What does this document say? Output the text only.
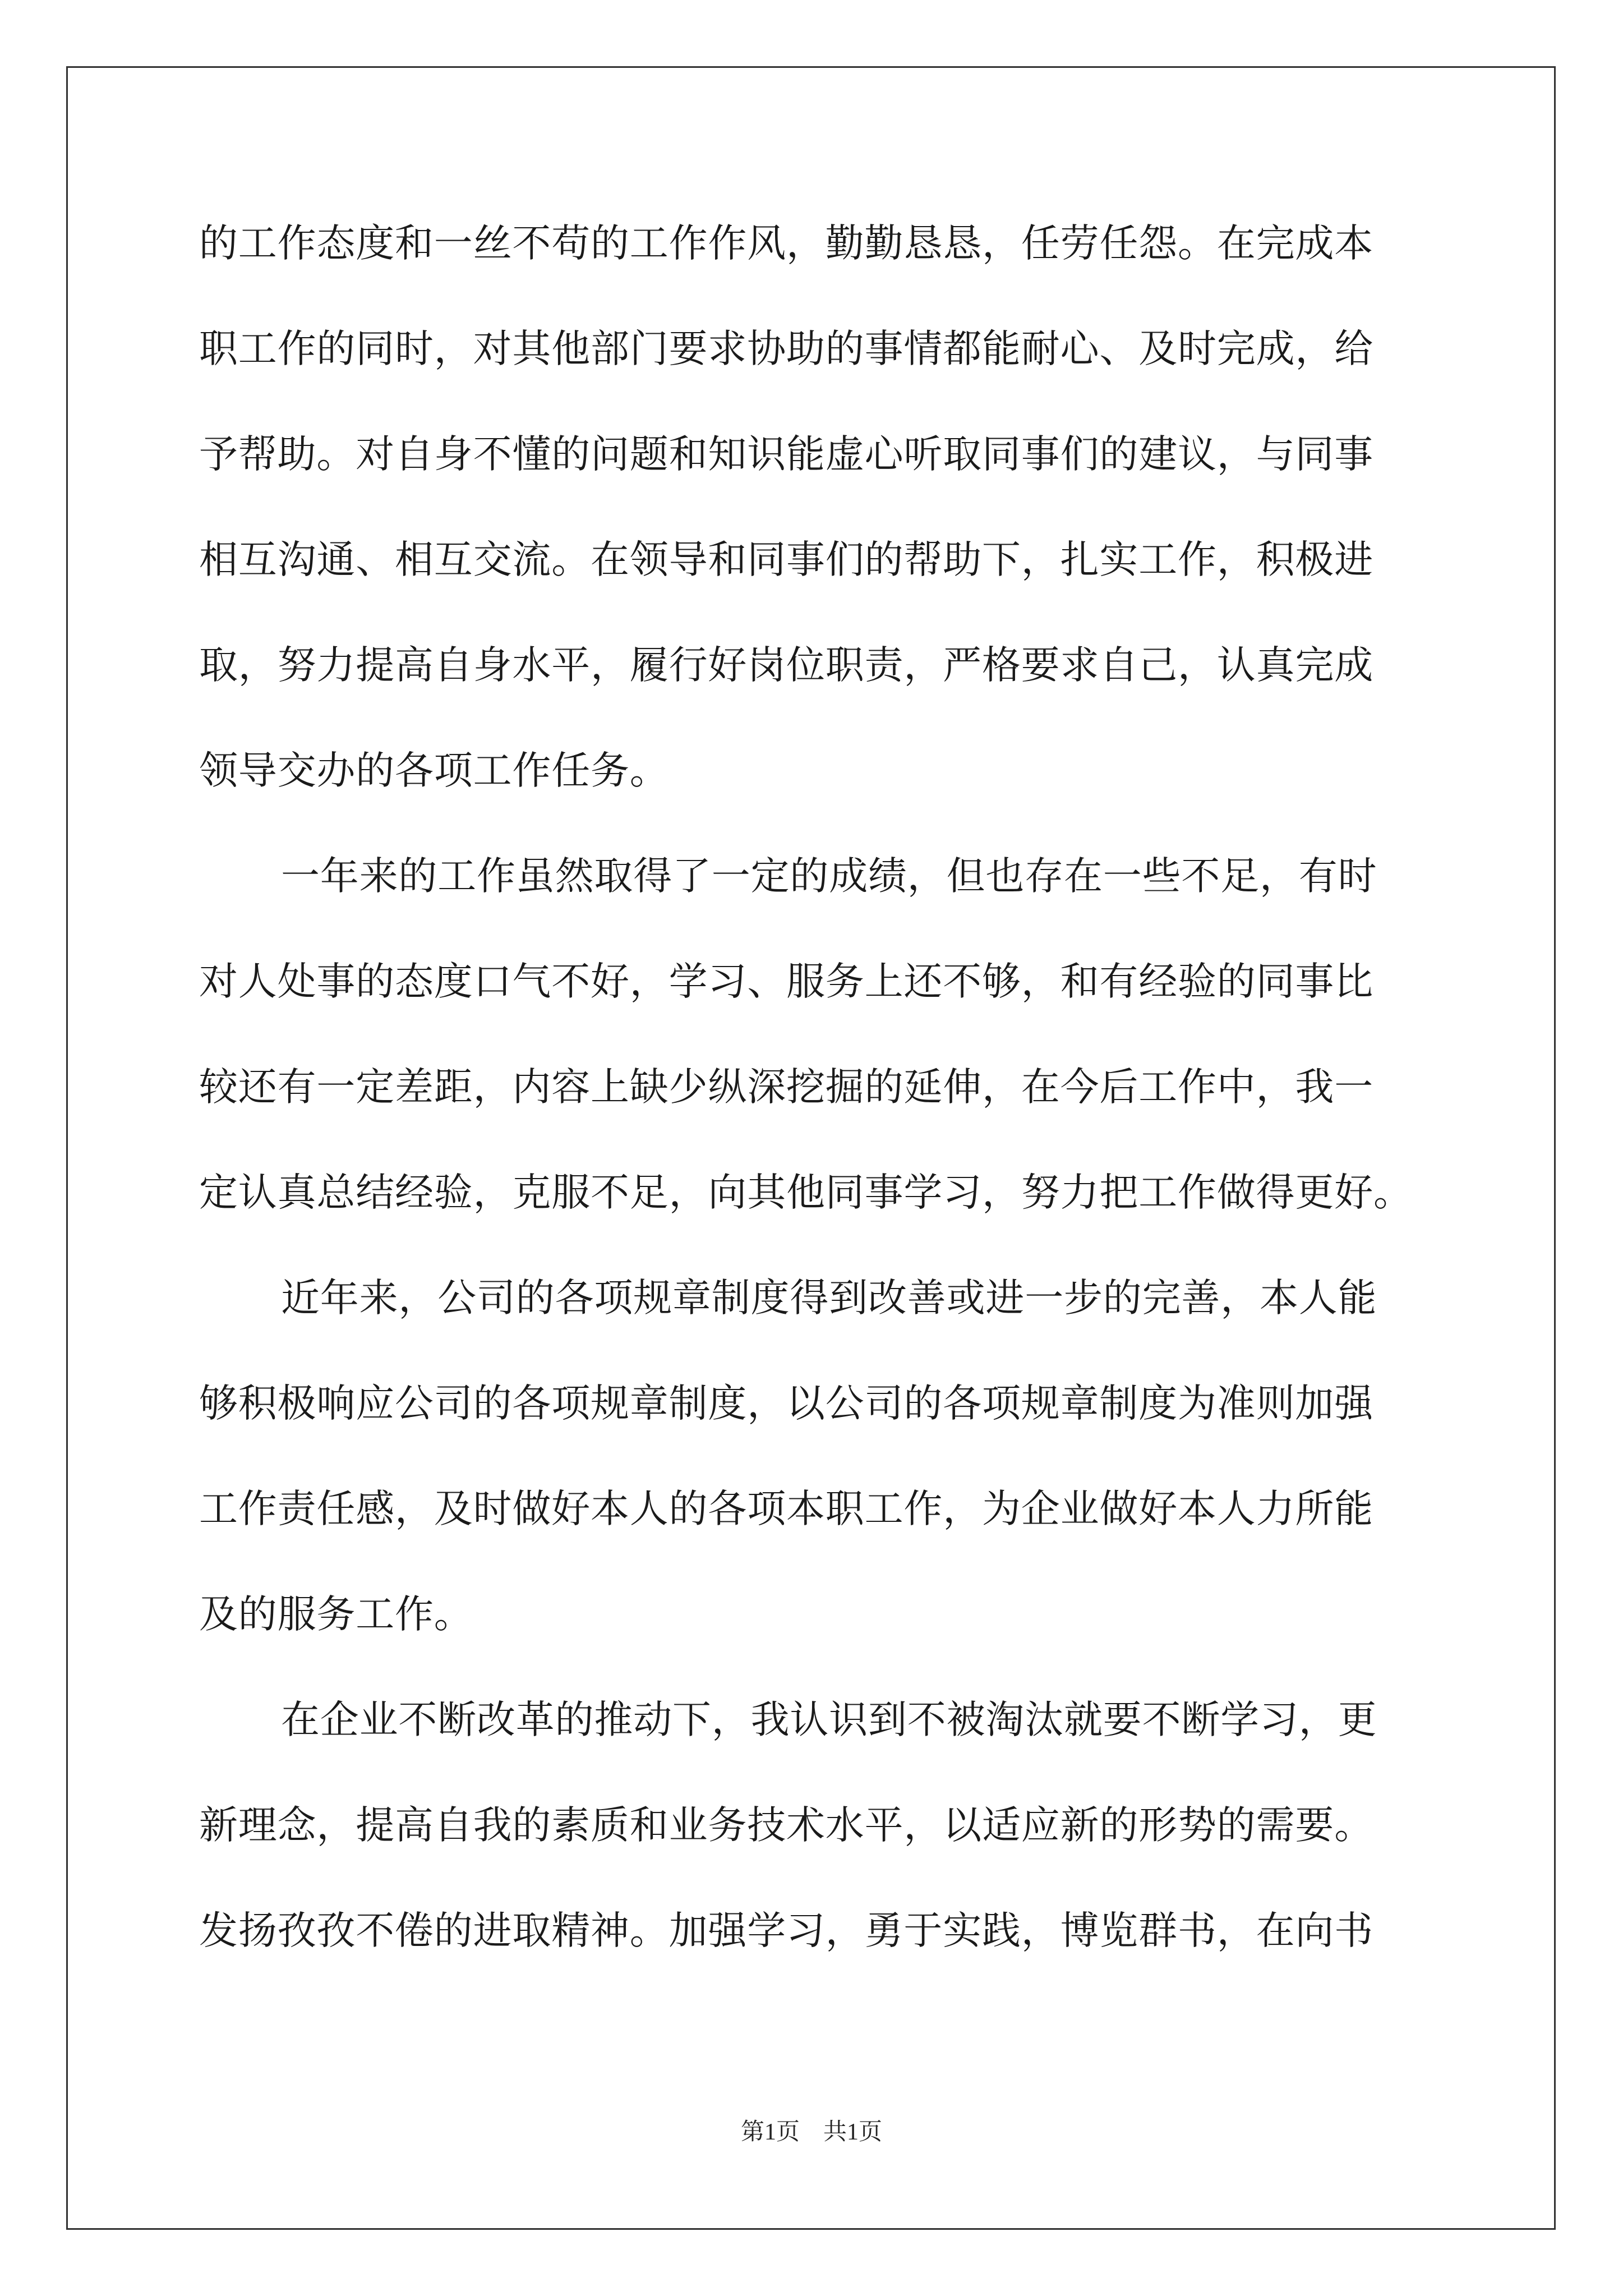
的工作态度和一丝不苟的工作作风，勤勤恳恳，任劳任怨。在完成本
职工作的同时，对其他部门要求协助的事情都能耐心、及时完成，给
予帮助。对自身不懂的问题和知识能虚心听取同事们的建议，与同事
相互沟通、相互交流。在领导和同事们的帮助下，扎实工作，积极进
取，努力提高自身水平，履行好岗位职责，严格要求自己，认真完成
领导交办的各项工作任务。
一年来的工作虽然取得了一定的成绩，但也存在一些不足，有时
对人处事的态度口气不好，学习、服务上还不够，和有经验的同事比
较还有一定差距，内容上缺少纵深挖掘的延伸，在今后工作中，我一
定认真总结经验，克服不足，向其他同事学习，努力把工作做得更好。
近年来，公司的各项规章制度得到改善或进一步的完善，本人能
够积极响应公司的各项规章制度，以公司的各项规章制度为准则加强
工作责任感，及时做好本人的各项本职工作，为企业做好本人力所能
及的服务工作。
在企业不断改革的推动下，我认识到不被淘汰就要不断学习，更
新理念，提高自我的素质和业务技术水平，以适应新的形势的需要。
发扬孜孜不倦的进取精神。加强学习，勇于实践，博览群书，在向书
第1页 共1页
